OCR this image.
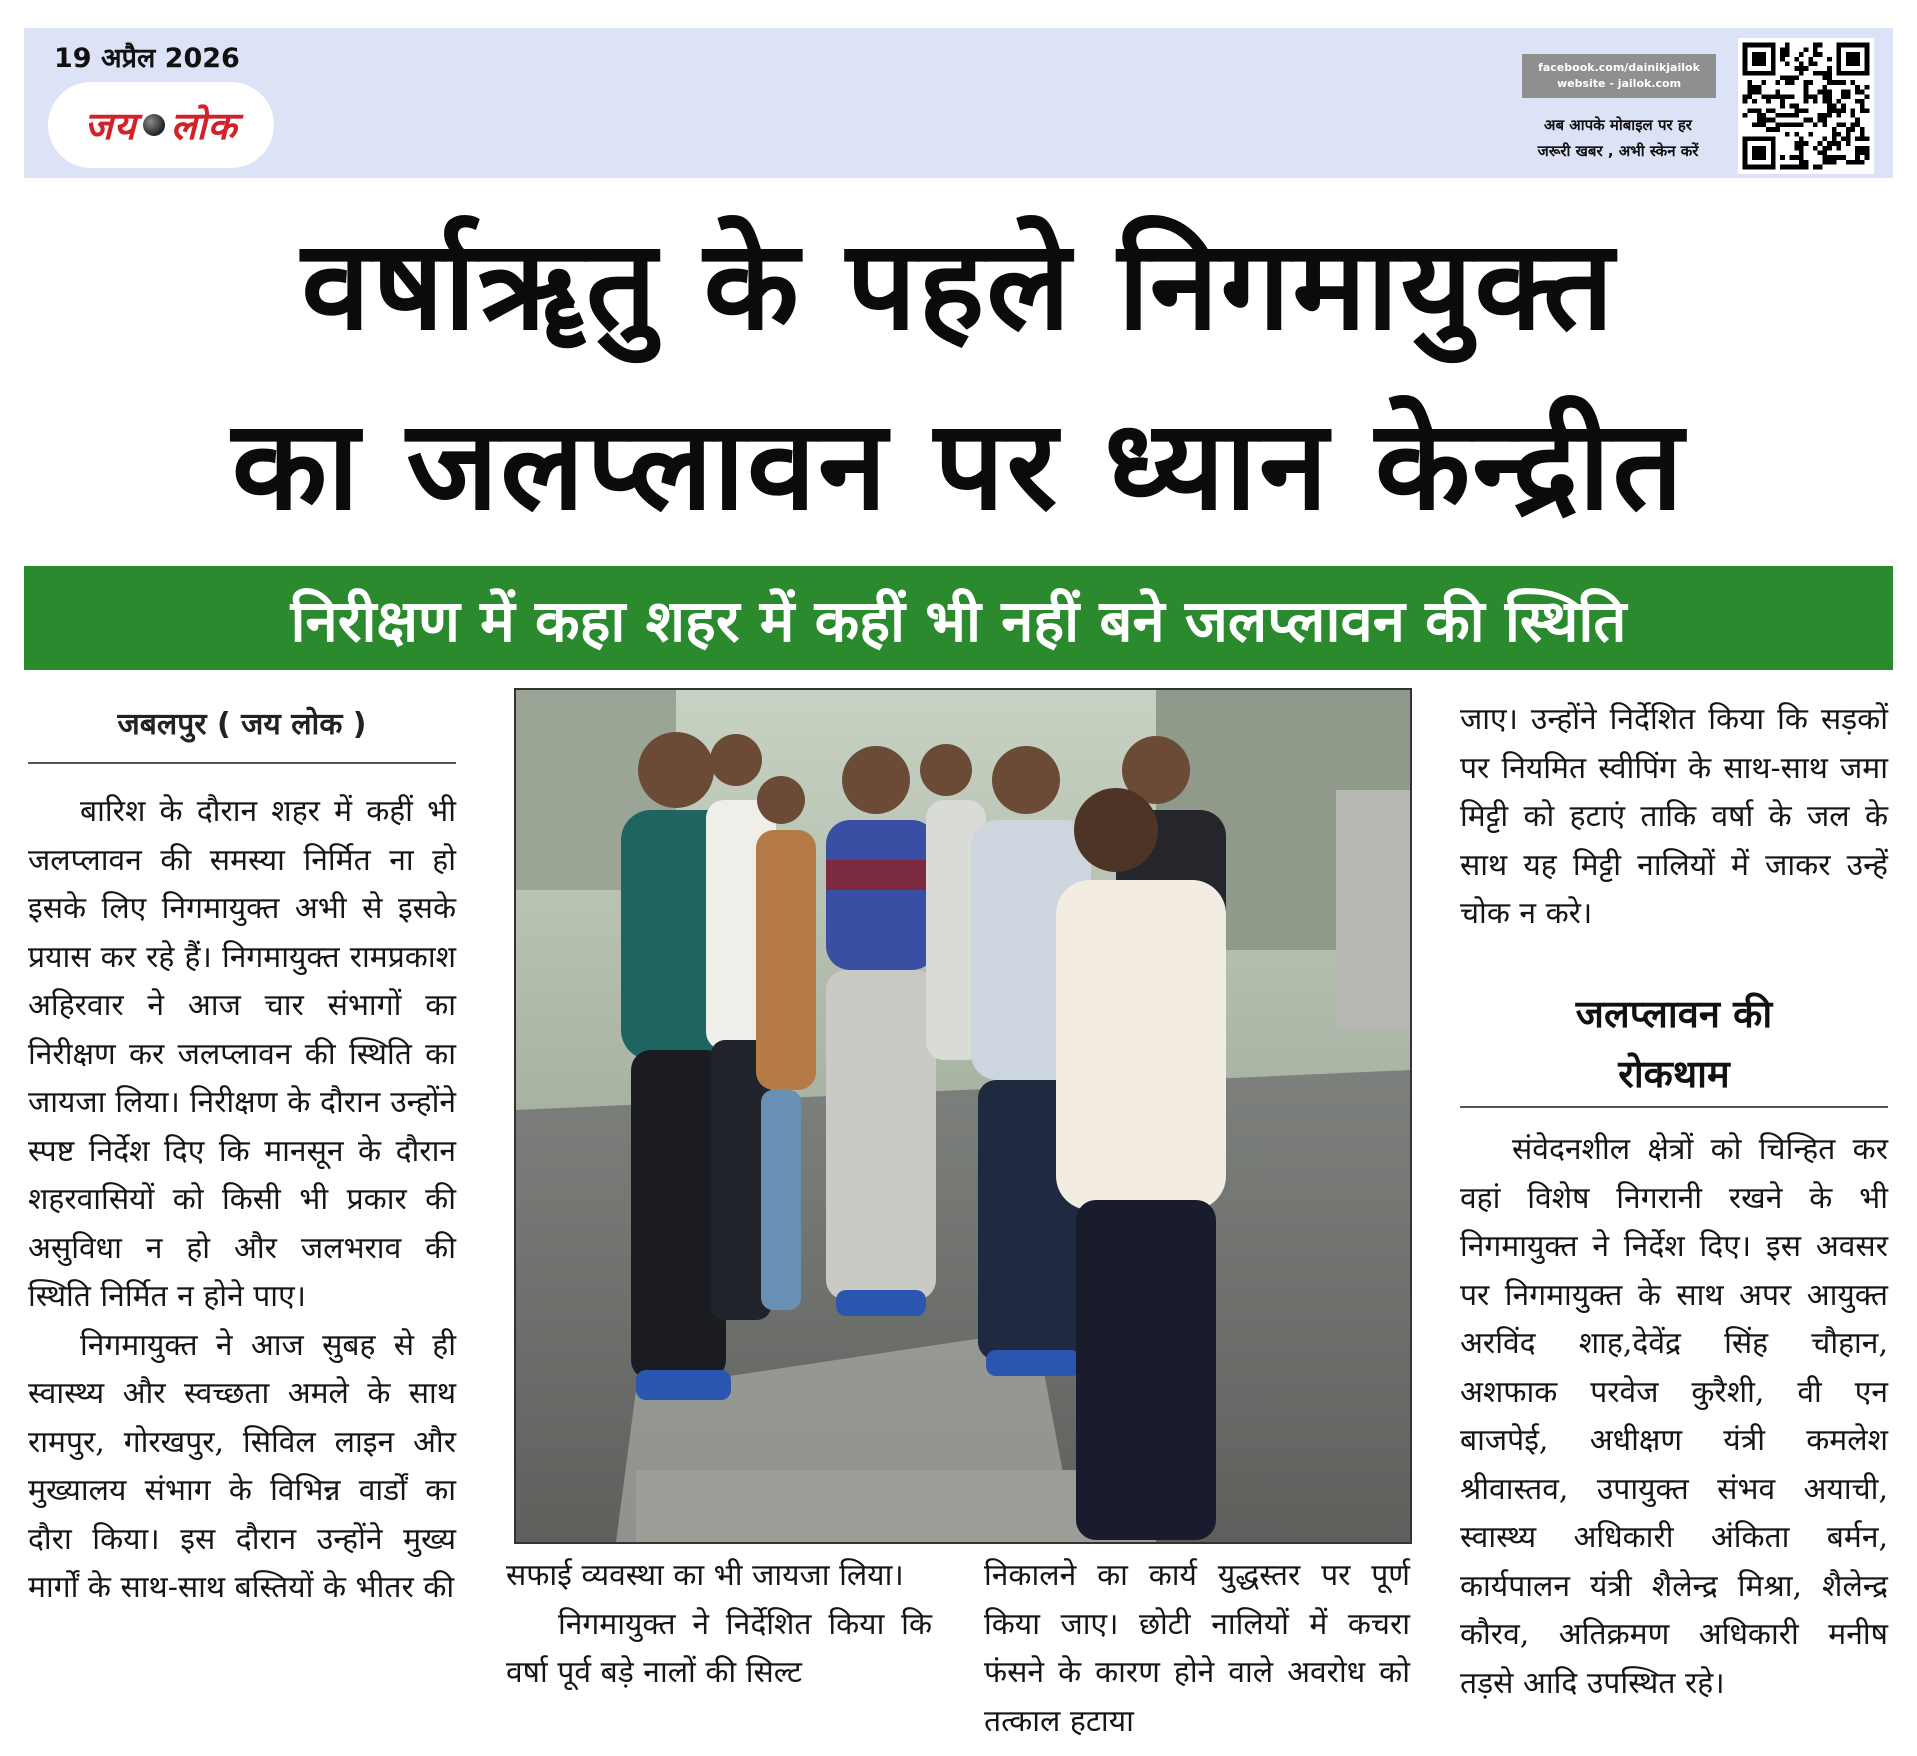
19 अप्रैल 2026
जय लोक
facebook.com/dainikjailok
website - jailok.com
अब आपके मोबाइल पर हर
जरूरी खबर , अभी स्केन करें
वर्षाॠतु के पहले निगमायुक्त
का जलप्लावन पर ध्यान केन्द्रीत
निरीक्षण में कहा शहर में कहीं भी नहीं बने जलप्लावन की स्थिति
जबलपुर ( जय लोक )

बारिश के दौरान शहर में कहीं भी जलप्लावन की समस्या निर्मित ना हो इसके लिए निगमायुक्त अभी से इसके प्रयास कर रहे हैं। निगमायुक्त रामप्रकाश अहिरवार ने आज चार संभागों का निरीक्षण कर जलप्लावन की स्थिति का जायजा लिया। निरीक्षण के दौरान उन्होंने स्पष्ट निर्देश दिए कि मानसून के दौरान शहरवासियों को किसी भी प्रकार की असुविधा न हो और जलभराव की स्थिति निर्मित न होने पाए।

निगमायुक्त ने आज सुबह से ही स्वास्थ्य और स्वच्छता अमले के साथ रामपुर, गोरखपुर, सिविल लाइन और मुख्यालय संभाग के विभिन्न वार्डों का दौरा किया। इस दौरान उन्होंने मुख्य मार्गों के साथ-साथ बस्तियों के भीतर की सफाई व्यवस्था का भी जायजा लिया।

निगमायुक्त ने निर्देशित किया कि वर्षा पूर्व बड़े नालों की सिल्ट

निकालने का कार्य युद्धस्तर पर पूर्ण किया जाए। छोटी नालियों में कचरा फंसने के कारण होने वाले अवरोध को तत्काल हटाया

जाए। उन्होंने निर्देशित किया कि सड़कों पर नियमित स्वीपिंग के साथ-साथ जमा मिट्टी को हटाएं ताकि वर्षा के जल के साथ यह मिट्टी नालियों में जाकर उन्हें चोक न करे।

जलप्लावन की
रोकथाम

संवेदनशील क्षेत्रों को चिन्हित कर वहां विशेष निगरानी रखने के भी निगमायुक्त ने निर्देश दिए। इस अवसर पर निगमायुक्त के साथ अपर आयुक्त अरविंद शाह,देवेंद्र सिंह चौहान, अशफाक परवेज कुरैशी, वी एन बाजपेई, अधीक्षण यंत्री कमलेश श्रीवास्तव, उपायुक्त संभव अयाची, स्वास्थ्य अधिकारी अंकिता बर्मन, कार्यपालन यंत्री शैलेन्द्र मिश्रा, शैलेन्द्र कौरव, अतिक्रमण अधिकारी मनीष तड़से आदि उपस्थित रहे।
